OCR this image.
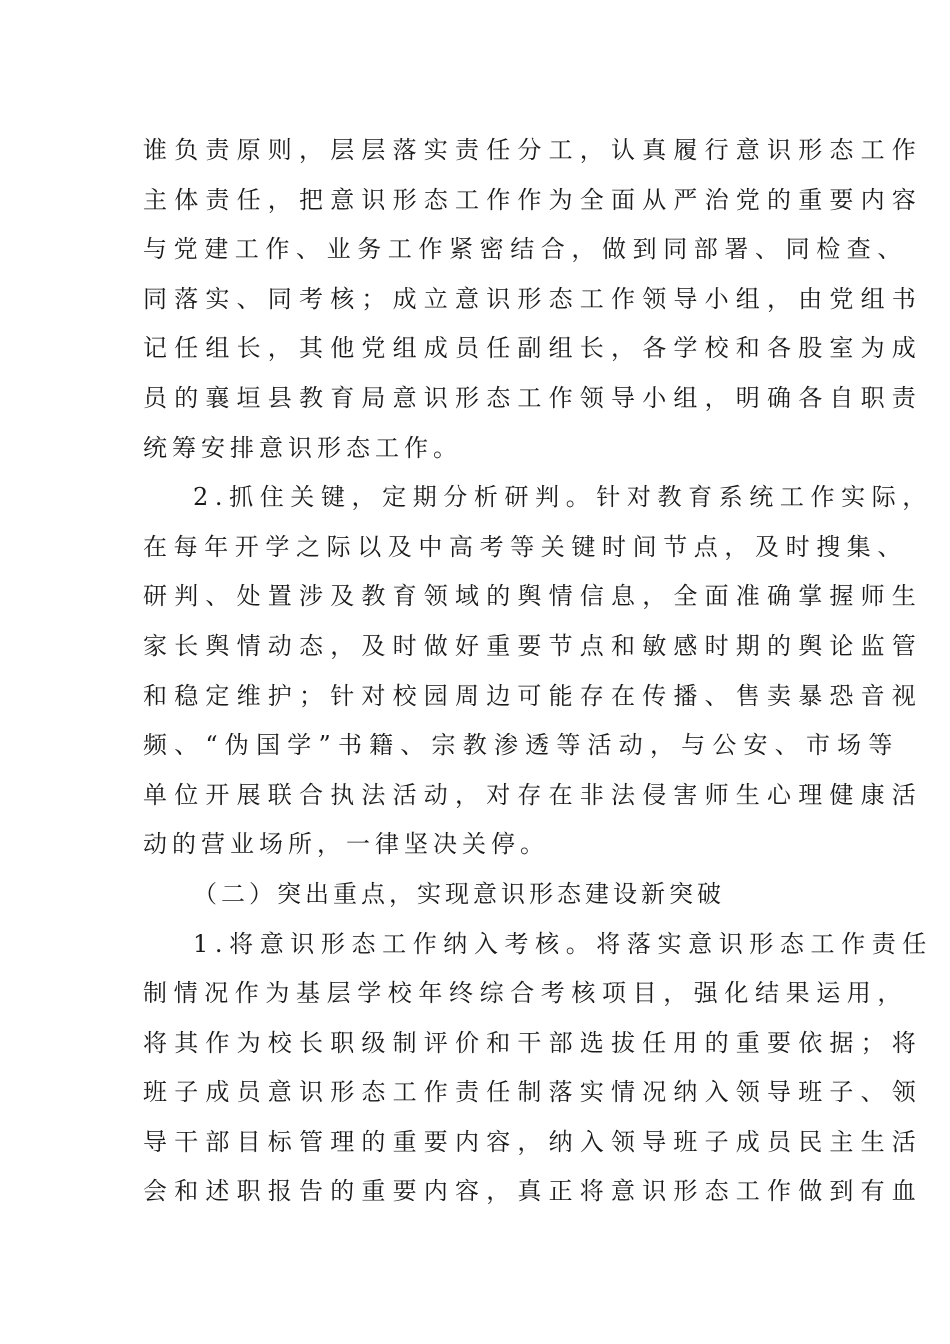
谁负责原则，层层落实责任分工，认真履行意识形态工作
主体责任，把意识形态工作作为全面从严治党的重要内容
与党建工作、业务工作紧密结合，做到同部署、同检查、
同落实、同考核；成立意识形态工作领导小组，由党组书
记任组长，其他党组成员任副组长，各学校和各股室为成
员的襄垣县教育局意识形态工作领导小组，明确各自职责
统筹安排意识形态工作。
2.抓住关键，定期分析研判。针对教育系统工作实际，
在每年开学之际以及中高考等关键时间节点，及时搜集、
研判、处置涉及教育领域的舆情信息，全面准确掌握师生
家长舆情动态，及时做好重要节点和敏感时期的舆论监管
和稳定维护；针对校园周边可能存在传播、售卖暴恐音视
频、“伪国学”书籍、宗教渗透等活动，与公安、市场等
单位开展联合执法活动，对存在非法侵害师生心理健康活
动的营业场所，一律坚决关停。
（二）突出重点，实现意识形态建设新突破
1.将意识形态工作纳入考核。将落实意识形态工作责任
制情况作为基层学校年终综合考核项目，强化结果运用，
将其作为校长职级制评价和干部选拔任用的重要依据；将
班子成员意识形态工作责任制落实情况纳入领导班子、领
导干部目标管理的重要内容，纳入领导班子成员民主生活
会和述职报告的重要内容，真正将意识形态工作做到有血
